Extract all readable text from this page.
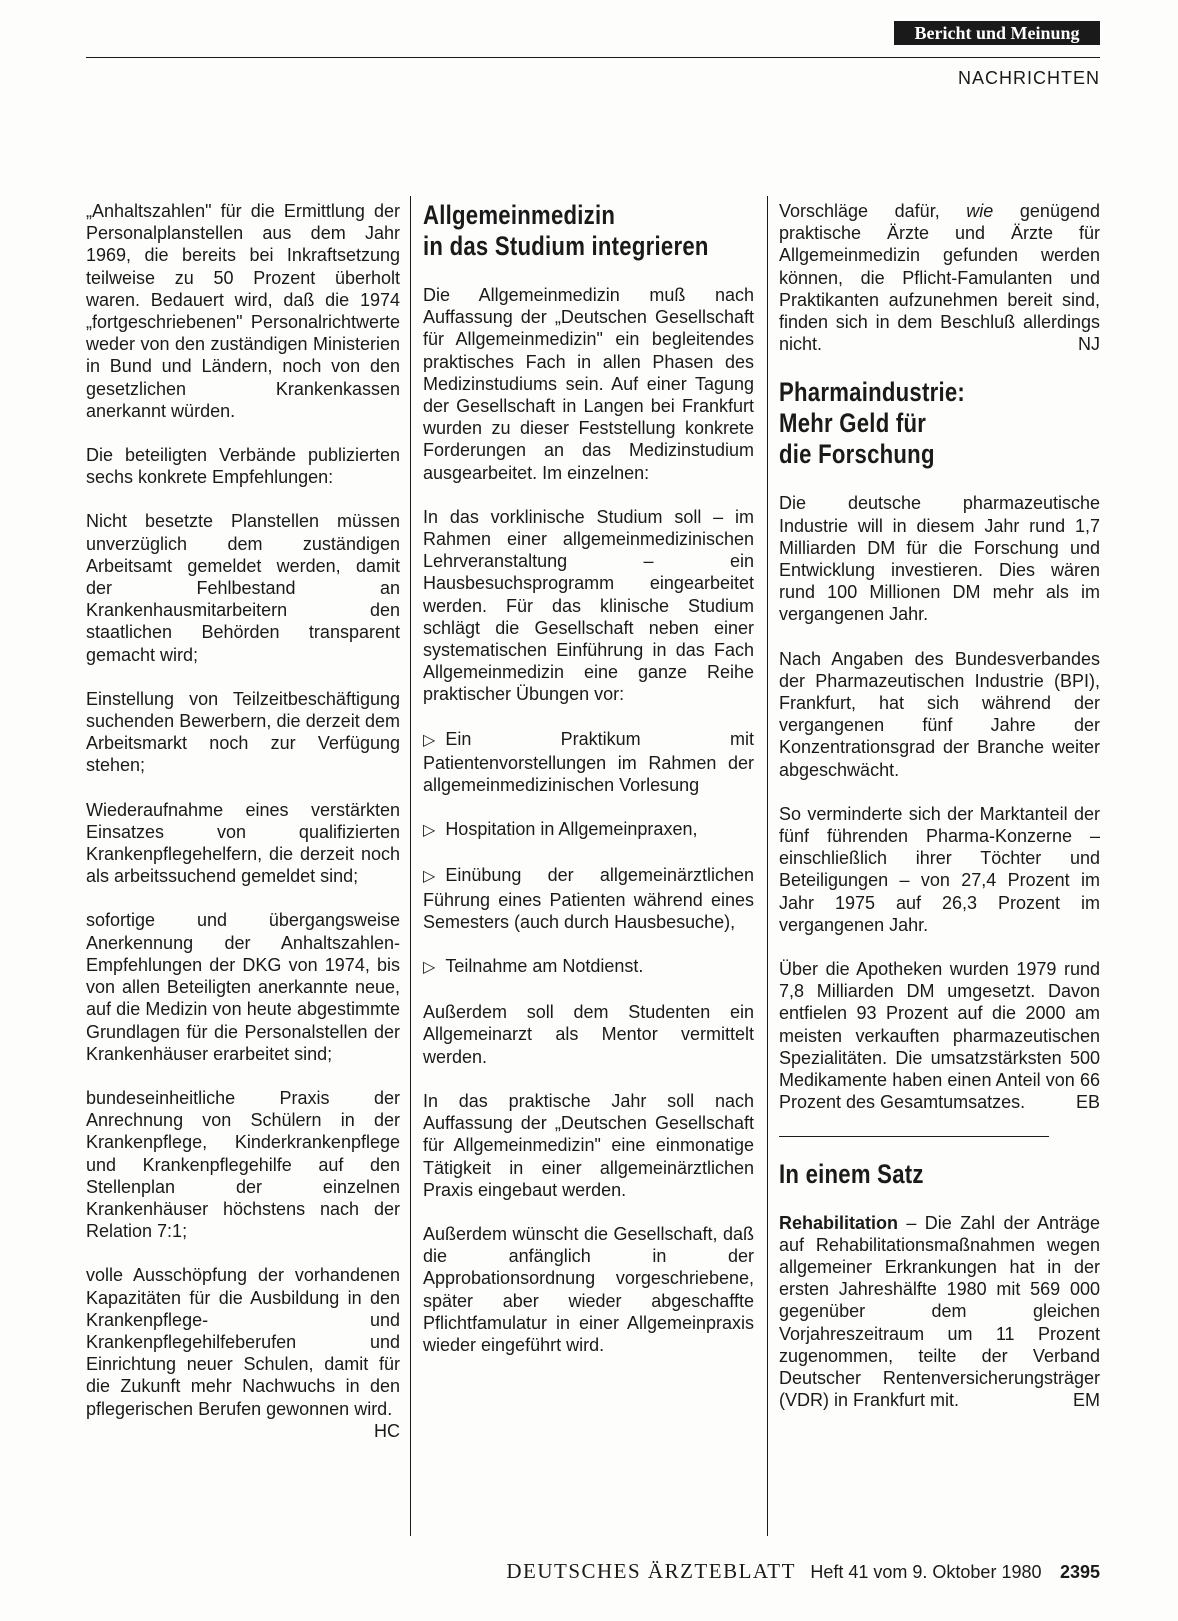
Bericht und Meinung
NACHRICHTEN

„Anhaltszahlen" für die Ermittlung der Personalplanstellen aus dem Jahr 1969, die bereits bei Inkraftsetzung teilweise zu 50 Prozent überholt waren. Bedauert wird, daß die 1974 „fortgeschriebenen" Personalrichtwerte weder von den zuständigen Ministerien in Bund und Ländern, noch von den gesetzlichen Krankenkassen anerkannt würden.

Die beteiligten Verbände publizierten sechs konkrete Empfehlungen:

Nicht besetzte Planstellen müssen unverzüglich dem zuständigen Arbeitsamt gemeldet werden, damit der Fehlbestand an Krankenhausmitarbeitern den staatlichen Behörden transparent gemacht wird;

Einstellung von Teilzeitbeschäftigung suchenden Bewerbern, die derzeit dem Arbeitsmarkt noch zur Verfügung stehen;

Wiederaufnahme eines verstärkten Einsatzes von qualifizierten Krankenpflegehelfern, die derzeit noch als arbeitssuchend gemeldet sind;

sofortige und übergangsweise Anerkennung der Anhaltszahlen-Empfehlungen der DKG von 1974, bis von allen Beteiligten anerkannte neue, auf die Medizin von heute abgestimmte Grundlagen für die Personalstellen der Krankenhäuser erarbeitet sind;

bundeseinheitliche Praxis der Anrechnung von Schülern in der Krankenpflege, Kinderkrankenpflege und Krankenpflegehilfe auf den Stellenplan der einzelnen Krankenhäuser höchstens nach der Relation 7:1;

volle Ausschöpfung der vorhandenen Kapazitäten für die Ausbildung in den Krankenpflege- und Krankenpflegehilfeberufen und Einrichtung neuer Schulen, damit für die Zukunft mehr Nachwuchs in den pflegerischen Berufen gewonnen wird.
HC

Allgemeinmedizin
in das Studium integrieren

Die Allgemeinmedizin muß nach Auffassung der „Deutschen Gesellschaft für Allgemeinmedizin" ein begleitendes praktisches Fach in allen Phasen des Medizinstudiums sein. Auf einer Tagung der Gesellschaft in Langen bei Frankfurt wurden zu dieser Feststellung konkrete Forderungen an das Medizinstudium ausgearbeitet. Im einzelnen:

In das vorklinische Studium soll – im Rahmen einer allgemeinmedizinischen Lehrveranstaltung – ein Hausbesuchsprogramm eingearbeitet werden. Für das klinische Studium schlägt die Gesellschaft neben einer systematischen Einführung in das Fach Allgemeinmedizin eine ganze Reihe praktischer Übungen vor:

▷ Ein Praktikum mit Patientenvorstellungen im Rahmen der allgemeinmedizinischen Vorlesung

▷ Hospitation in Allgemeinpraxen,

▷ Einübung der allgemeinärztlichen Führung eines Patienten während eines Semesters (auch durch Hausbesuche),

▷ Teilnahme am Notdienst.

Außerdem soll dem Studenten ein Allgemeinarzt als Mentor vermittelt werden.

In das praktische Jahr soll nach Auffassung der „Deutschen Gesellschaft für Allgemeinmedizin" eine einmonatige Tätigkeit in einer allgemeinärztlichen Praxis eingebaut werden.

Außerdem wünscht die Gesellschaft, daß die anfänglich in der Approbationsordnung vorgeschriebene, später aber wieder abgeschaffte Pflichtfamulatur in einer Allgemeinpraxis wieder eingeführt wird.

Vorschläge dafür, wie genügend praktische Ärzte und Ärzte für Allgemeinmedizin gefunden werden können, die Pflicht-Famulanten und Praktikanten aufzunehmen bereit sind, finden sich in dem Beschluß allerdings nicht.	NJ

Pharmaindustrie:
Mehr Geld für
die Forschung

Die deutsche pharmazeutische Industrie will in diesem Jahr rund 1,7 Milliarden DM für die Forschung und Entwicklung investieren. Dies wären rund 100 Millionen DM mehr als im vergangenen Jahr.

Nach Angaben des Bundesverbandes der Pharmazeutischen Industrie (BPI), Frankfurt, hat sich während der vergangenen fünf Jahre der Konzentrationsgrad der Branche weiter abgeschwächt.

So verminderte sich der Marktanteil der fünf führenden Pharma-Konzerne – einschließlich ihrer Töchter und Beteiligungen – von 27,4 Prozent im Jahr 1975 auf 26,3 Prozent im vergangenen Jahr.

Über die Apotheken wurden 1979 rund 7,8 Milliarden DM umgesetzt. Davon entfielen 93 Prozent auf die 2000 am meisten verkauften pharmazeutischen Spezialitäten. Die umsatzstärksten 500 Medikamente haben einen Anteil von 66 Prozent des Gesamtumsatzes.	EB

In einem Satz

Rehabilitation – Die Zahl der Anträge auf Rehabilitationsmaßnahmen wegen allgemeiner Erkrankungen hat in der ersten Jahreshälfte 1980 mit 569 000 gegenüber dem gleichen Vorjahreszeitraum um 11 Prozent zugenommen, teilte der Verband Deutscher Rentenversicherungsträger (VDR) in Frankfurt mit.	EM

DEUTSCHES ÄRZTEBLATT Heft 41 vom 9. Oktober 1980 2395
